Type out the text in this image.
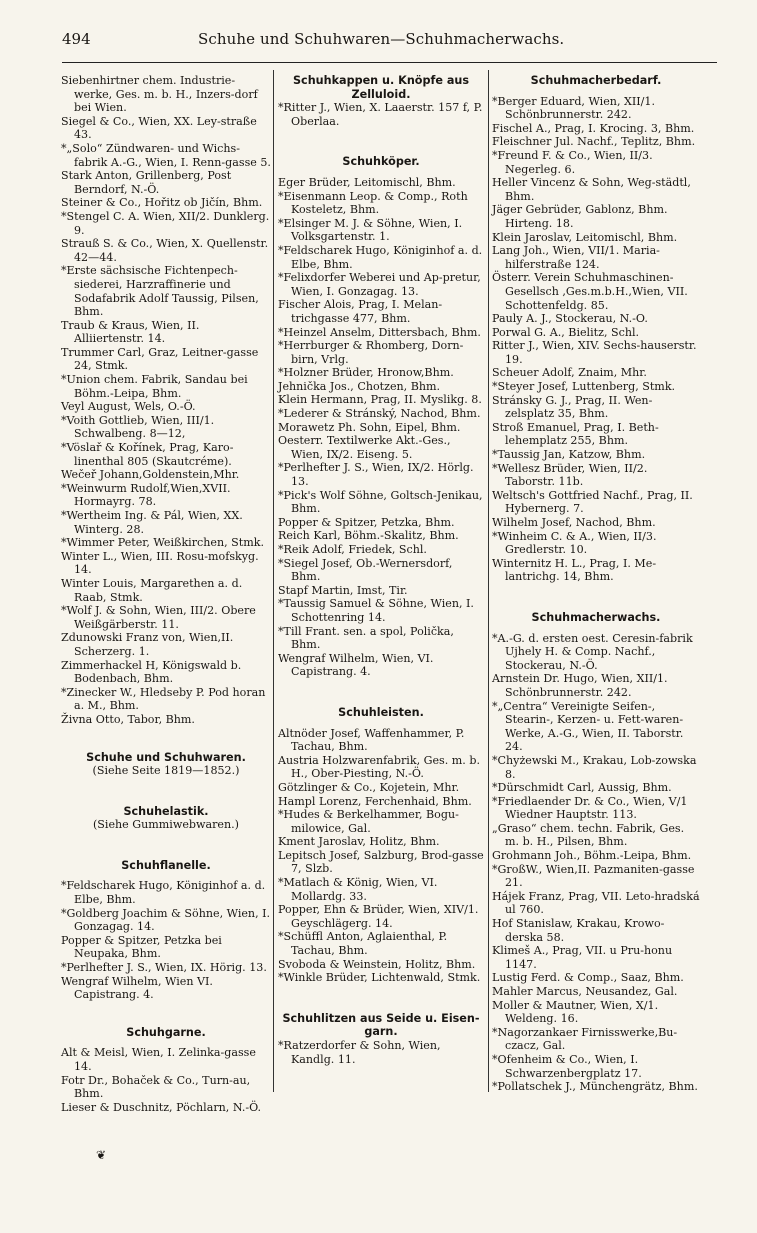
494	Schuhe und Schuhwaren—Schuhmacherwachs.

Siebenhirtner chem. Industrie-werke, Ges. m. b. H., Inzers-dorf bei Wien.

Siegel & Co., Wien, XX. Ley-straße 43.

*„Solo“ Zündwaren- und Wichs-fabrik A.-G., Wien, I. Renn-gasse 5.

Stark Anton, Grillenberg, Post Berndorf, N.-Ö.

Steiner & Co., Hořitz ob Jičín, Bhm.

*Stengel C. A. Wien, XII/2. Dunklerg. 9.

Strauß S. & Co., Wien, X. Quellenstr. 42—44.

*Erste sächsische Fichtenpech-siederei, Harzraffinerie und Sodafabrik Adolf Taussig, Pilsen, Bhm.

Traub & Kraus, Wien, II. Alliiertenstr. 14.

Trummer Carl, Graz, Leitner-gasse 24, Stmk.

*Union chem. Fabrik, Sandau bei Böhm.-Leipa, Bhm.

Veyl August, Wels, O.-Ö.

*Voith Gottlieb, Wien, III/1. Schwalbeng. 8—12,

*Vöslař & Kořínek, Prag, Karo-linenthal 805 (Skautcréme).

Wečeř Johann,Goldenstein,Mhr.

*Weinwurm Rudolf,Wien,XVII. Hormayrg. 78.

*Wertheim Ing. & Pál, Wien, XX. Winterg. 28.

*Wimmer Peter, Weißkirchen, Stmk.

Winter L., Wien, III. Rosu-mofskyg. 14.

Winter Louis, Margarethen a. d. Raab, Stmk.

*Wolf J. & Sohn, Wien, III/2. Obere Weißgärberstr. 11.

Zdunowski Franz von, Wien,II. Scherzerg. 1.

Zimmerhackel H, Königswald b. Bodenbach, Bhm.

*Zinecker W., Hledseby P. Pod horan a. M., Bhm.

Živna Otto, Tabor, Bhm.

Schuhe und Schuhwaren.

(Siehe Seite 1819—1852.)

Schuhelastik.

(Siehe Gummiwebwaren.)

Schuhflanelle.

*Feldscharek Hugo, Königinhof a. d. Elbe, Bhm.

*Goldberg Joachim & Söhne, Wien, I. Gonzagag. 14.

Popper & Spitzer, Petzka bei Neupaka, Bhm.

*Perlhefter J. S., Wien, IX. Hörig. 13.

Wengraf Wilhelm, Wien VI. Capistrang. 4.

Schuhgarne.

Alt & Meisl, Wien, I. Zelinka-gasse 14.

Fotr Dr., Bohaček & Co., Turn-au, Bhm.

Lieser & Duschnitz, Pöchlarn, N.-Ö.

Schuhkappen u. Knöpfe aus Zelluloid.

*Ritter J., Wien, X. Laaerstr. 157 f, P. Oberlaa.

Schuhköper.

Eger Brüder, Leitomischl, Bhm.

*Eisenmann Leop. & Comp., Roth Kosteletz, Bhm.

*Elsinger M. J. & Söhne, Wien, I. Volksgartenstr. 1.

*Feldscharek Hugo, Königinhof a. d. Elbe, Bhm.

*Felixdorfer Weberei und Ap-pretur, Wien, I. Gonzagag. 13.

Fischer Alois, Prag, I. Melan-trichgasse 477, Bhm.

*Heinzel Anselm, Dittersbach, Bhm.

*Herrburger & Rhomberg, Dorn-birn, Vrlg.

*Holzner Brüder, Hronow,Bhm.

Jehnička Jos., Chotzen, Bhm.

Klein Hermann, Prag, II. Myslikg. 8.

*Lederer & Stránský, Nachod, Bhm.

Morawetz Ph. Sohn, Eipel, Bhm.

Oesterr. Textilwerke Akt.-Ges., Wien, IX/2. Eiseng. 5.

*Perlhefter J. S., Wien, IX/2. Hörlg. 13.

*Pick's Wolf Söhne, Goltsch-Jenikau, Bhm.

Popper & Spitzer, Petzka, Bhm.

Reich Karl, Böhm.-Skalitz, Bhm.

*Reik Adolf, Friedek, Schl.

*Siegel Josef, Ob.-Wernersdorf, Bhm.

Stapf Martin, Imst, Tir.

*Taussig Samuel & Söhne, Wien, I. Schottenring 14.

*Till Frant. sen. a spol, Polička, Bhm.

Wengraf Wilhelm, Wien, VI. Capistrang. 4.

Schuhleisten.

Altnöder Josef, Waffenhammer, P. Tachau, Bhm.

Austria Holzwarenfabrik, Ges. m. b. H., Ober-Piesting, N.-Ö.

Götzlinger & Co., Kojetein, Mhr.

Hampl Lorenz, Ferchenhaid, Bhm.

*Hudes & Berkelhammer, Bogu-milowice, Gal.

Kment Jaroslav, Holitz, Bhm.

Lepitsch Josef, Salzburg, Brod-gasse 7, Slzb.

*Matlach & König, Wien, VI. Mollardg. 33.

Popper, Ehn & Brüder, Wien, XIV/1. Geyschlägerg. 14.

*Schüffl Anton, Aglaienthal, P. Tachau, Bhm.

Svoboda & Weinstein, Holitz, Bhm.

*Winkle Brüder, Lichtenwald, Stmk.

Schuhlitzen aus Seide u. Eisen-garn.

*Ratzerdorfer & Sohn, Wien, Kandlg. 11.

Schuhmacherbedarf.

*Berger Eduard, Wien, XII/1. Schönbrunnerstr. 242.

Fischel A., Prag, I. Krocing. 3, Bhm.

Fleischner Jul. Nachf., Teplitz, Bhm.

*Freund F. & Co., Wien, II/3. Negerleg. 6.

Heller Vincenz & Sohn, Weg-städtl, Bhm.

Jäger Gebrüder, Gablonz, Bhm. Hirteng. 18.

Klein Jaroslav, Leitomischl, Bhm.

Lang Joh., Wien, VII/1. Maria-hilferstraße 124.

Österr. Verein Schuhmaschinen-Gesellsch ,Ges.m.b.H.,Wien, VII. Schottenfeldg. 85.

Pauly A. J., Stockerau, N.-O.

Porwal G. A., Bielitz, Schl.

Ritter J., Wien, XIV. Sechs-hauserstr. 19.

Scheuer Adolf, Znaim, Mhr.

*Steyer Josef, Luttenberg, Stmk.

Stránsky G. J., Prag, II. Wen-zelsplatz 35, Bhm.

Stroß Emanuel, Prag, I. Beth-lehemplatz 255, Bhm.

*Taussig Jan, Katzow, Bhm.

*Wellesz Brüder, Wien, II/2. Taborstr. 11b.

Weltsch's Gottfried Nachf., Prag, II. Hybernerg. 7.

Wilhelm Josef, Nachod, Bhm.

*Winheim C. & A., Wien, II/3. Gredlerstr. 10.

Winternitz H. L., Prag, I. Me-lantrichg. 14, Bhm.

Schuhmacherwachs.

*A.-G. d. ersten oest. Ceresin-fabrik Ujhely H. & Comp. Nachf., Stockerau, N.-Ö.

Arnstein Dr. Hugo, Wien, XII/1. Schönbrunnerstr. 242.

*„Centra“ Vereinigte Seifen-, Stearin-, Kerzen- u. Fett-waren-Werke, A.-G., Wien, II. Taborstr. 24.

*Chyżewski M., Krakau, Lob-zowska 8.

*Dürschmidt Carl, Aussig, Bhm.

*Friedlaender Dr. & Co., Wien, V/1 Wiedner Hauptstr. 113.

„Graso“ chem. techn. Fabrik, Ges. m. b. H., Pilsen, Bhm.

Grohmann Joh., Böhm.-Leipa, Bhm.

*GroßW., Wien,II. Pazmaniten-gasse 21.

Hájek Franz, Prag, VII. Leto-hradská ul 760.

Hof Stanislaw, Krakau, Krowo-derska 58.

Klimeš A., Prag, VII. u Pru-honu 1147.

Lustig Ferd. & Comp., Saaz, Bhm.

Mahler Marcus, Neusandez, Gal.

Moller & Mautner, Wien, X/1. Weldeng. 16.

*Nagorzankaer Firnisswerke,Bu-czacz, Gal.

*Ofenheim & Co., Wien, I. Schwarzenbergplatz 17.

*Pollatschek J., Münchengrätz, Bhm.

❦
